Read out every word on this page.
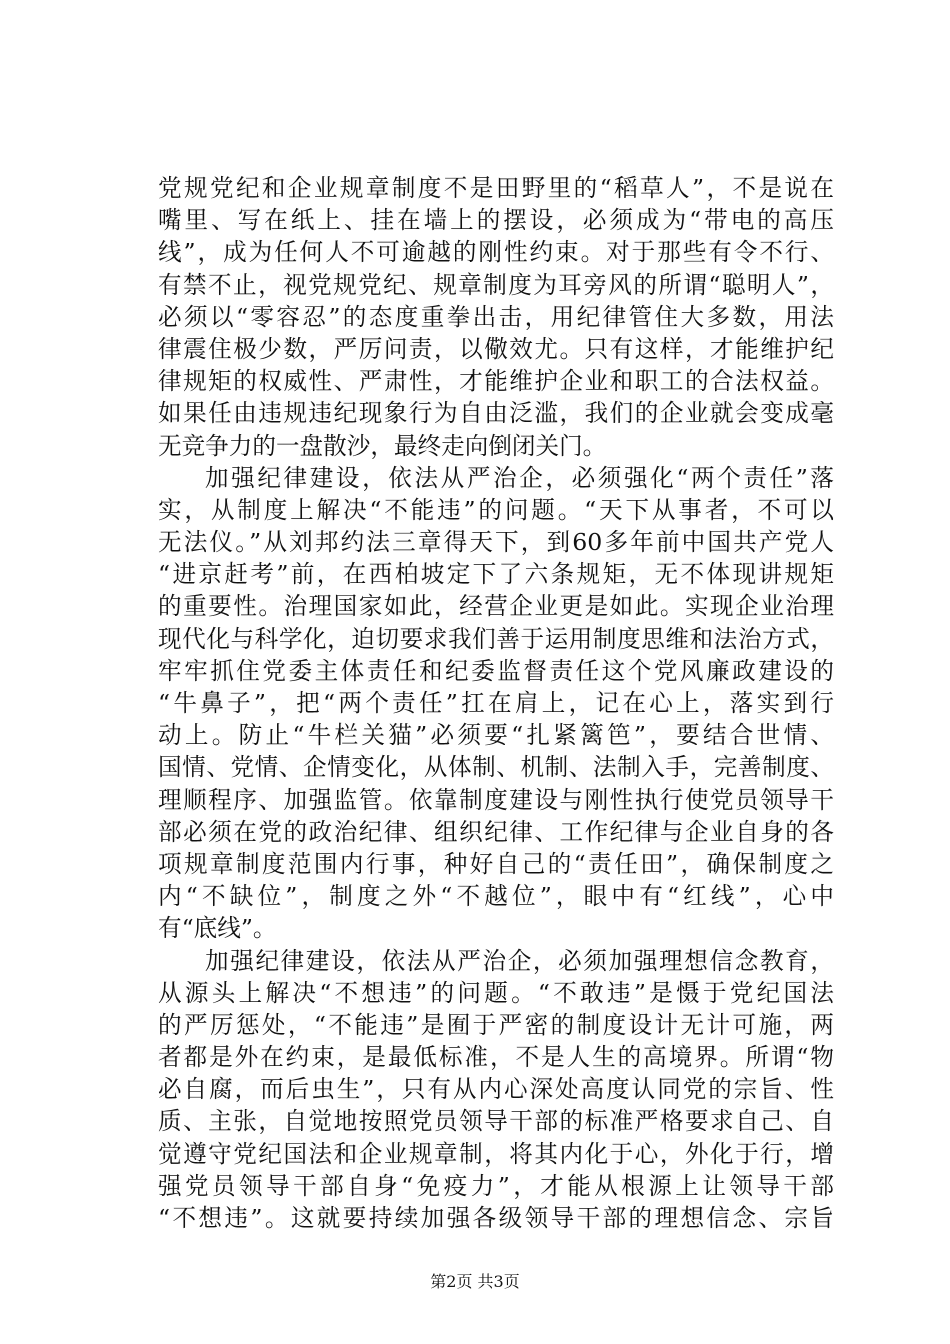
党规党纪和企业规章制度不是田野里的“稻草人”，不是说在
嘴里、写在纸上、挂在墙上的摆设，必须成为“带电的高压
线”，成为任何人不可逾越的刚性约束。对于那些有令不行、
有禁不止，视党规党纪、规章制度为耳旁风的所谓“聪明人”，
必须以“零容忍”的态度重拳出击，用纪律管住大多数，用法
律震住极少数，严厉问责，以儆效尤。只有这样，才能维护纪
律规矩的权威性、严肃性，才能维护企业和职工的合法权益。
如果任由违规违纪现象行为自由泛滥，我们的企业就会变成毫
无竞争力的一盘散沙，最终走向倒闭关门。
加强纪律建设，依法从严治企，必须强化“两个责任”落
实，从制度上解决“不能违”的问题。“天下从事者，不可以
无法仪。”从刘邦约法三章得天下，到60多年前中国共产党人
“进京赶考”前，在西柏坡定下了六条规矩，无不体现讲规矩
的重要性。治理国家如此，经营企业更是如此。实现企业治理
现代化与科学化，迫切要求我们善于运用制度思维和法治方式，
牢牢抓住党委主体责任和纪委监督责任这个党风廉政建设的
“牛鼻子”，把“两个责任”扛在肩上，记在心上，落实到行
动上。防止“牛栏关猫”必须要“扎紧篱笆”，要结合世情、
国情、党情、企情变化，从体制、机制、法制入手，完善制度、
理顺程序、加强监管。依靠制度建设与刚性执行使党员领导干
部必须在党的政治纪律、组织纪律、工作纪律与企业自身的各
项规章制度范围内行事，种好自己的“责任田”，确保制度之
内“不缺位”，制度之外“不越位”，眼中有“红线”，心中
有“底线”。
加强纪律建设，依法从严治企，必须加强理想信念教育，
从源头上解决“不想违”的问题。“不敢违”是慑于党纪国法
的严厉惩处，“不能违”是囿于严密的制度设计无计可施，两
者都是外在约束，是最低标准，不是人生的高境界。所谓“物
必自腐，而后虫生”，只有从内心深处高度认同党的宗旨、性
质、主张，自觉地按照党员领导干部的标准严格要求自己、自
觉遵守党纪国法和企业规章制，将其内化于心，外化于行，增
强党员领导干部自身“免疫力”，才能从根源上让领导干部
“不想违”。这就要持续加强各级领导干部的理想信念、宗旨
第2页 共3页
